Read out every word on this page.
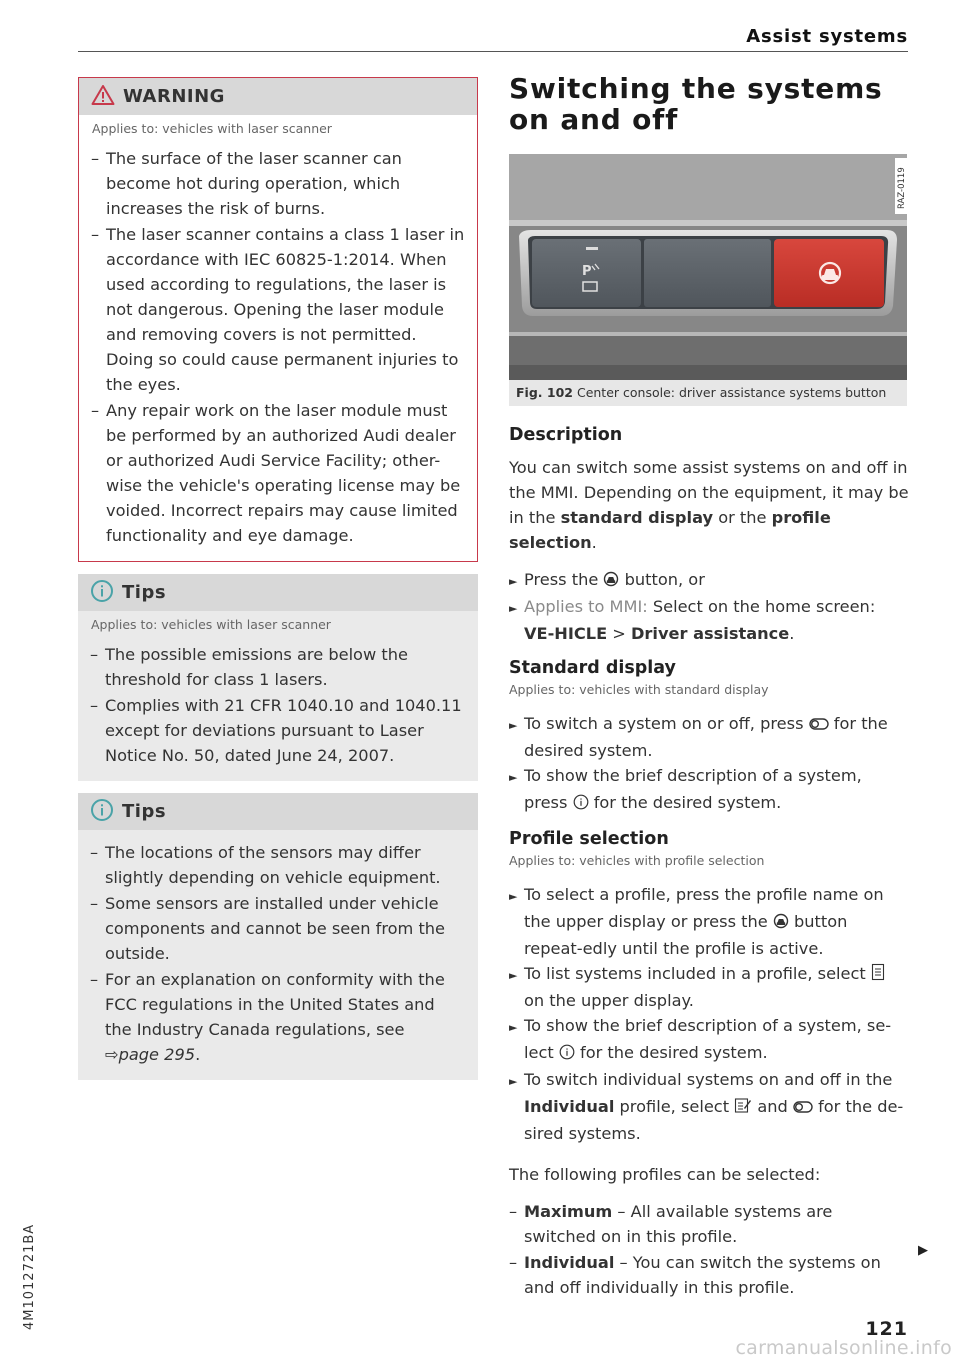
Assist systems
4M1012721BA
WARNING
Applies to: vehicles with laser scanner
– The surface of the laser scanner can become hot during operation, which increases the risk of burns.
– The laser scanner contains a class 1 laser in accordance with IEC 60825-1:2014. When used according to regulations, the laser is not dangerous. Opening the laser module and removing covers is not permitted. Doing so could cause permanent injuries to the eyes.
– Any repair work on the laser module must be performed by an authorized Audi dealer or authorized Audi Service Facility; other-wise the vehicle's operating license may be voided. Incorrect repairs may cause limited functionality and eye damage.
Tips
Applies to: vehicles with laser scanner
– The possible emissions are below the threshold for class 1 lasers.
– Complies with 21 CFR 1040.10 and 1040.11 except for deviations pursuant to Laser Notice No. 50, dated June 24, 2007.
Tips
– The locations of the sensors may differ slightly depending on vehicle equipment.
– Some sensors are installed under vehicle components and cannot be seen from the outside.
– For an explanation on conformity with the FCC regulations in the United States and the Industry Canada regulations, see
⇨page 295.
Switching the systems on and off
P
RAZ-0119
Fig. 102 Center console: driver assistance systems button
Description
You can switch some assist systems on and off in the MMI. Depending on the equipment, it may be in the standard display or the profile selection.
► Press the  button, or
► Applies to MMI: Select on the home screen: VE-HICLE > Driver assistance.
Standard display
Applies to: vehicles with standard display
► To switch a system on or off, press  for the desired system.
► To show the brief description of a system, press  for the desired system.
Profile selection
Applies to: vehicles with profile selection
► To select a profile, press the profile name on the upper display or press the  button repeat-edly until the profile is active.
► To list systems included in a profile, select  on the upper display.
► To show the brief description of a system, se-lect  for the desired system.
► To switch individual systems on and off in the Individual profile, select  and  for the de-sired systems.
The following profiles can be selected:
– Maximum – All available systems are switched on in this profile.
– Individual – You can switch the systems on and off individually in this profile.
▶
121
carmanualsonline.info
